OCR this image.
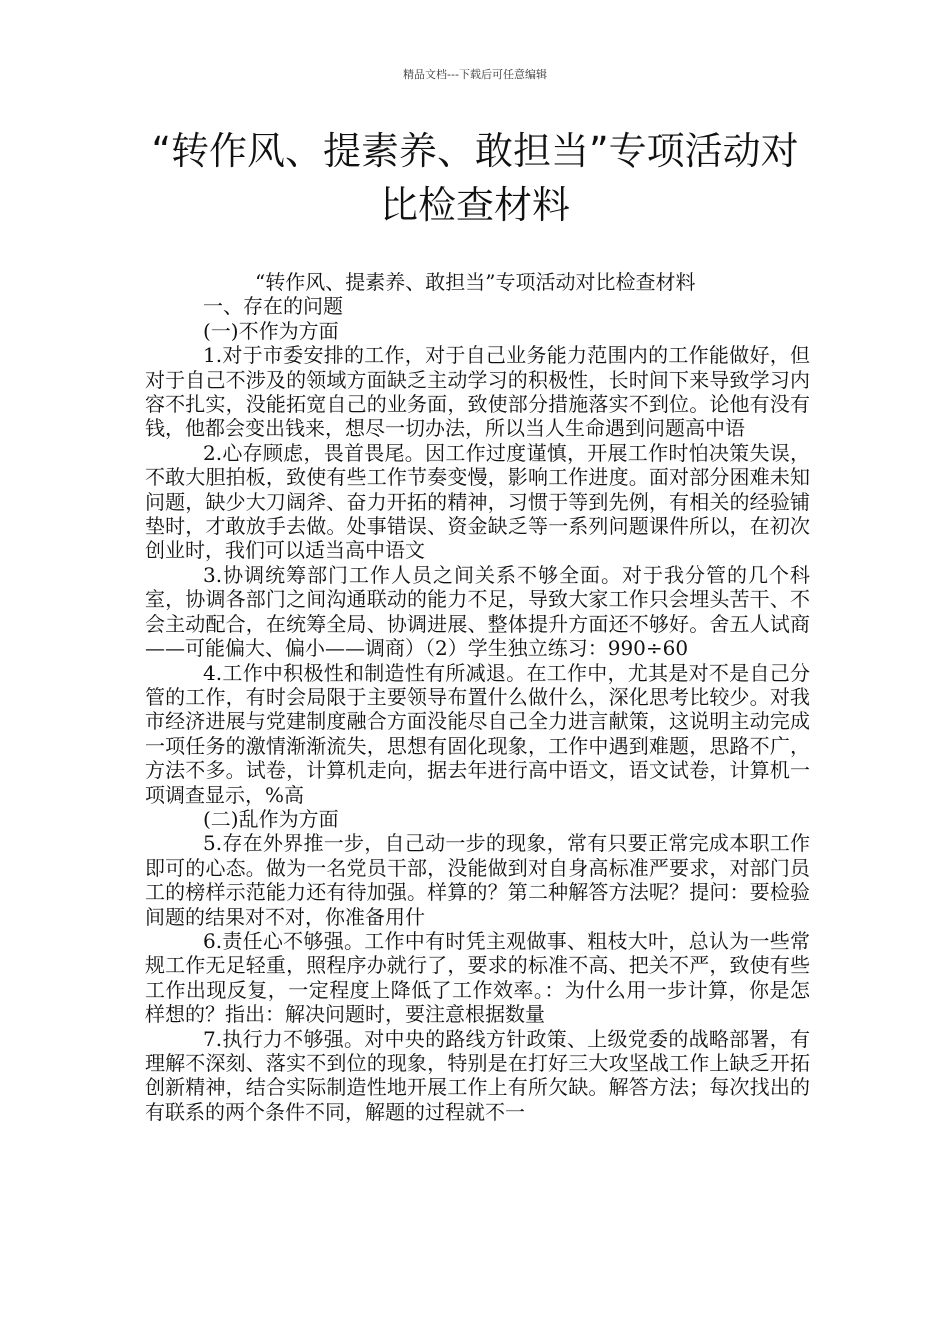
精品文档---下载后可任意编辑
“转作风、提素养、敢担当”专项活动对
比检查材料

“转作风、提素养、敢担当”专项活动对比检查材料

一、存在的问题

(一)不作为方面

1.对于市委安排的工作，对于自己业务能力范围内的工作能做好，但对于自己不涉及的领域方面缺乏主动学习的积极性，长时间下来导致学习内容不扎实，没能拓宽自己的业务面，致使部分措施落实不到位。论他有没有钱，他都会变出钱来，想尽一切办法，所以当人生命遇到问题高中语

2.心存顾虑，畏首畏尾。因工作过度谨慎，开展工作时怕决策失误，不敢大胆拍板，致使有些工作节奏变慢，影响工作进度。面对部分困难未知问题，缺少大刀阔斧、奋力开拓的精神，习惯于等到先例，有相关的经验铺垫时，才敢放手去做。处事错误、资金缺乏等一系列问题课件所以，在初次创业时，我们可以适当高中语文

3.协调统筹部门工作人员之间关系不够全面。对于我分管的几个科室，协调各部门之间沟通联动的能力不足，导致大家工作只会埋头苦干、不会主动配合，在统筹全局、协调进展、整体提升方面还不够好。舍五人试商——可能偏大、偏小——调商）（2）学生独立练习：990÷60

4.工作中积极性和制造性有所减退。在工作中，尤其是对不是自己分管的工作，有时会局限于主要领导布置什么做什么，深化思考比较少。对我市经济进展与党建制度融合方面没能尽自己全力进言献策，这说明主动完成一项任务的激情渐渐流失，思想有固化现象，工作中遇到难题，思路不广，方法不多。试卷，计算机走向，据去年进行高中语文，语文试卷，计算机一项调查显示，%高

(二)乱作为方面

5.存在外界推一步，自己动一步的现象，常有只要正常完成本职工作即可的心态。做为一名党员干部，没能做到对自身高标准严要求，对部门员工的榜样示范能力还有待加强。样算的？第二种解答方法呢？提问：要检验间题的结果对不对，你准备用什

6.责任心不够强。工作中有时凭主观做事、粗枝大叶，总认为一些常规工作无足轻重，照程序办就行了，要求的标准不高、把关不严，致使有些工作出现反复，一定程度上降低了工作效率。：为什么用一步计算，你是怎样想的？指出：解决问题时，要注意根据数量

7.执行力不够强。对中央的路线方针政策、上级党委的战略部署，有理解不深刻、落实不到位的现象，特别是在打好三大攻坚战工作上缺乏开拓创新精神，结合实际制造性地开展工作上有所欠缺。解答方法；每次找出的有联系的两个条件不同，解题的过程就不一
